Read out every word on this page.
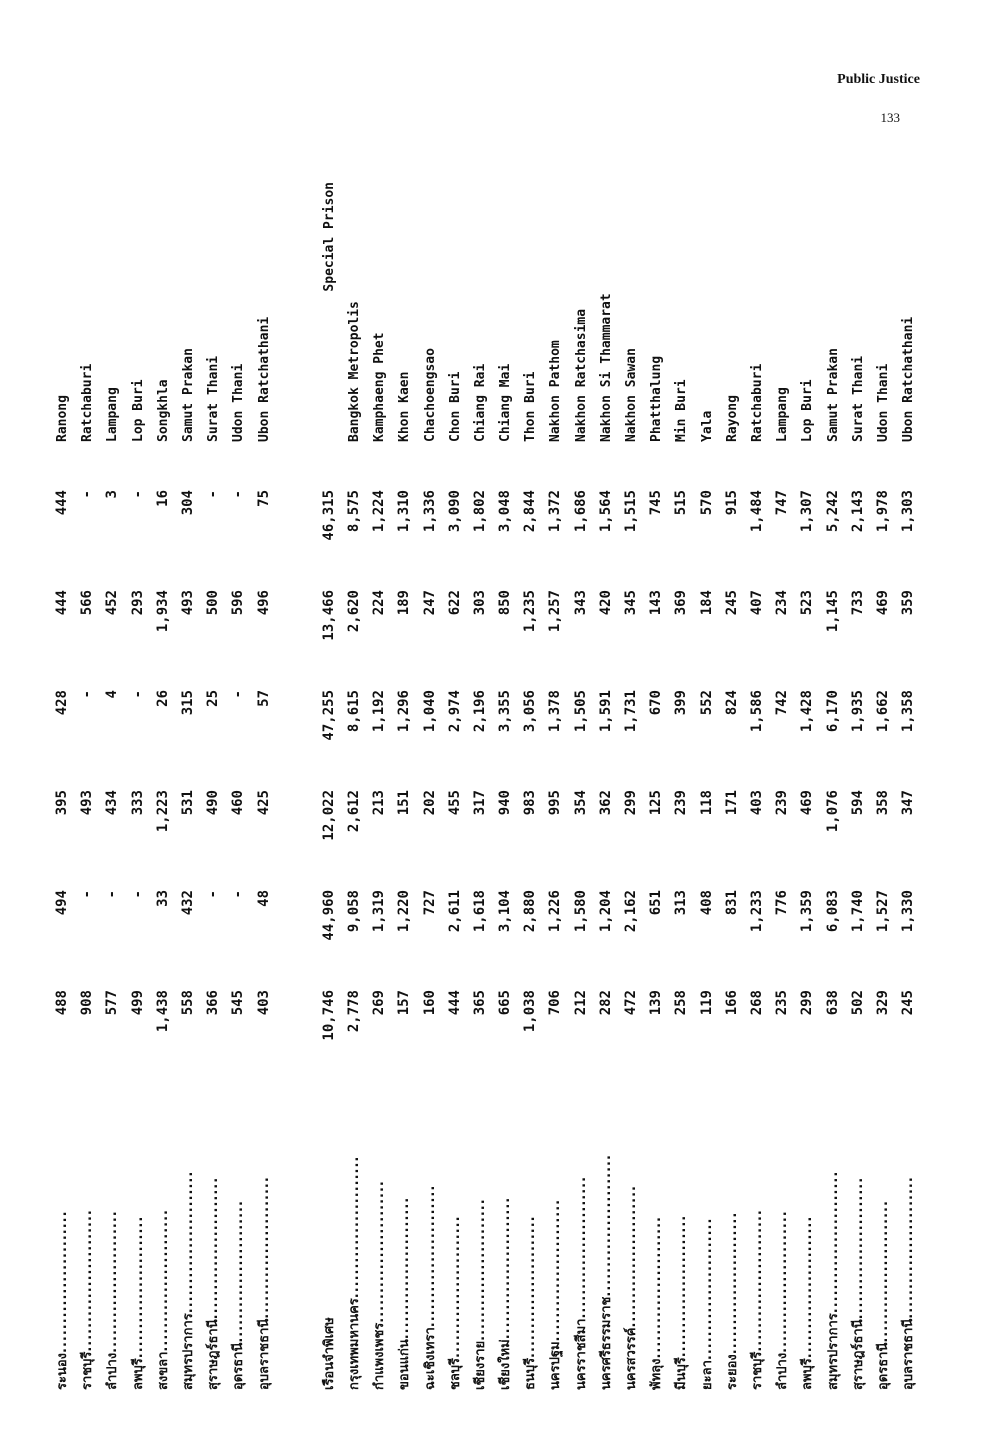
Public Justice
133
ระนอง........................	488	494	395	428	444	444	Ranong
ราชบุรี........................	908	-	493	-	566	-	Ratchaburi
ลำปาง........................	577	-	434	4	452	3	Lampang
ลพบุรี........................	499	-	333	-	293	-	Lop Buri
สงขลา........................	1,438	33	1,223	26	1,934	16	Songkhla
สมุทรปราการ........................	558	432	531	315	493	304	Samut Prakan
สุราษฎร์ธานี........................	366	-	490	25	500	-	Surat Thani
อุดรธานี........................	545	-	460	-	596	-	Udon Thani
อุบลราชธานี........................	403	48	425	57	496	75	Ubon Ratchathani

เรือนจำพิเศษ	10,746	44,960	12,022	47,255	13,466	46,315	Special Prison
กรุงเทพมหานคร........................	2,778	9,058	2,612	8,615	2,620	8,575	Bangkok Metropolis
กำแพงเพชร........................	269	1,319	213	1,192	224	1,224	Kamphaeng Phet
ขอนแก่น........................	157	1,220	151	1,296	189	1,310	Khon Kaen
ฉะเชิงเทรา........................	160	727	202	1,040	247	1,336	Chachoengsao
ชลบุรี........................	444	2,611	455	2,974	622	3,090	Chon Buri
เชียงราย........................	365	1,618	317	2,196	303	1,802	Chiang Rai
เชียงใหม่........................	665	3,104	940	3,355	850	3,048	Chiang Mai
ธนบุรี........................	1,038	2,880	983	3,056	1,235	2,844	Thon Buri
นครปฐม........................	706	1,226	995	1,378	1,257	1,372	Nakhon Pathom
นครราชสีมา........................	212	1,580	354	1,505	343	1,686	Nakhon Ratchasima
นครศรีธรรมราช........................	282	1,204	362	1,591	420	1,564	Nakhon Si Thammarat
นครสวรรค์........................	472	2,162	299	1,731	345	1,515	Nakhon Sawan
พัทลุง........................	139	651	125	670	143	745	Phatthalung
มีนบุรี........................	258	313	239	399	369	515	Min Buri
ยะลา........................	119	408	118	552	184	570	Yala
ระยอง........................	166	831	171	824	245	915	Rayong
ราชบุรี........................	268	1,233	403	1,586	407	1,484	Ratchaburi
ลำปาง........................	235	776	239	742	234	747	Lampang
ลพบุรี........................	299	1,359	469	1,428	523	1,307	Lop Buri
สมุทรปราการ........................	638	6,083	1,076	6,170	1,145	5,242	Samut Prakan
สุราษฎร์ธานี........................	502	1,740	594	1,935	733	2,143	Surat Thani
อุดรธานี........................	329	1,527	358	1,662	469	1,978	Udon Thani
อุบลราชธานี........................	245	1,330	347	1,358	359	1,303	Ubon Ratchathani
